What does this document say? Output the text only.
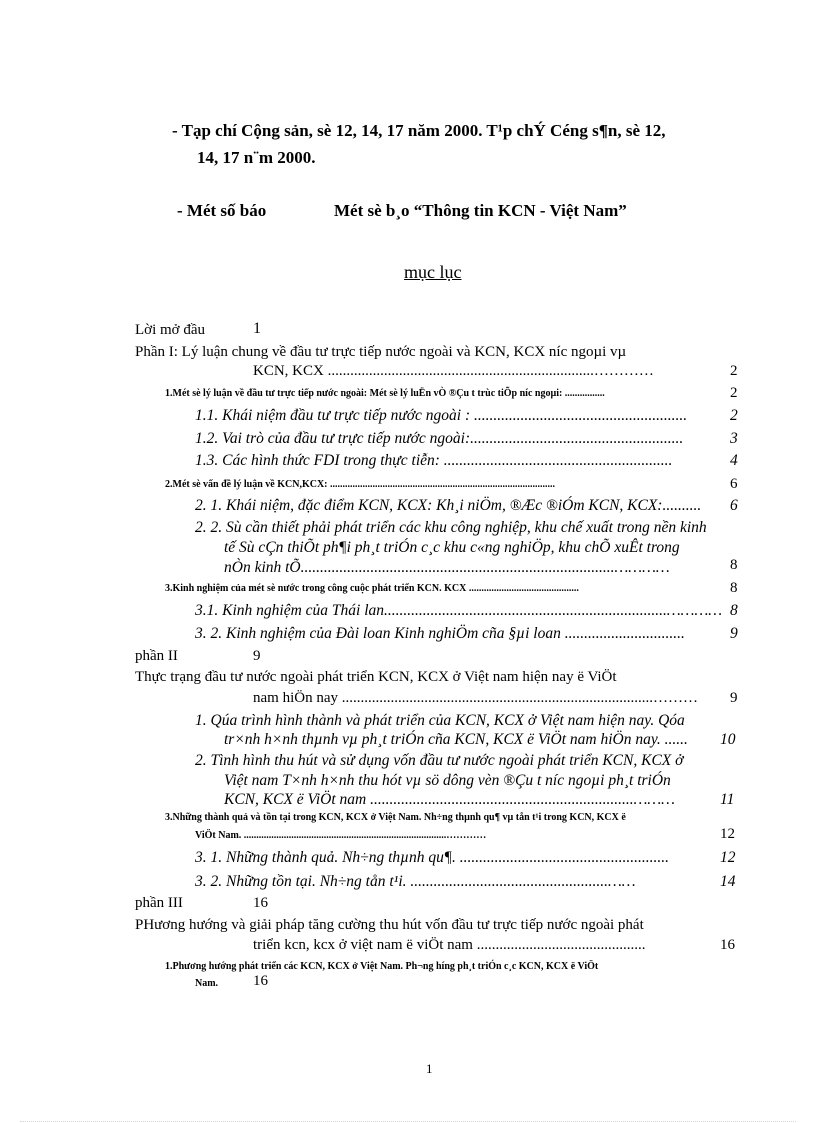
- Tạp chí Cộng sản, sè 12, 14, 17 năm 2000. T¹p chÝ Céng s¶n, sè 12,
14, 17 n¨m 2000.
- Mét số báo	Mét sè b¸o “Thông tin KCN - Việt Nam”
mục lục
Lời mở đầu	1
Phần I: Lý luận chung về đầu tư trực tiếp nước ngoài và KCN, KCX níc ngoµi vµ
KCN, KCX .......................................................................…………	2
1.Mét sè lý luận về đầu tư trực tiếp nước ngoài: Mét sè lý luËn vÒ ®Çu t trùc tiÕp níc ngoµi: ................	2
1.1. Khái niệm đầu tư trực tiếp nước ngoài : .......................................................	2
1.2. Vai trò của đầu tư trực tiếp nước ngoài:.......................................................	3
1.3. Các hình thức FDI trong thực tiễn: ...........................................................	4
2.Mét sè vấn đề lý luận về KCN,KCX: ..........................................................................................	6
2. 1. Khái niệm, đặc điểm KCN, KCX: Kh¸i niÖm, ®Æc ®iÓm KCN, KCX:.......... 6
2. 2. Sù cần thiết phải phát triển các khu công nghiệp, khu chế xuất trong nền kinh
tế Sù cÇn thiÕt ph¶i ph¸t triÓn c¸c khu c«ng nghiÖp, khu chÕ xuÊt trong
nÒn kinh tÕ.................................................................................…………	8
3.Kinh nghiệm của mét sè nước trong công cuộc phát triển KCN. KCX ............................................	8
3.1. Kinh nghiệm của Thái lan.........................................................................………… 8
3. 2. Kinh nghiệm của Đài loan Kinh nghiÖm cña §µi loan ...............................	9
phần II	9
Thực trạng đầu tư nước ngoài phát triển KCN, KCX ở Việt nam hiện nay ë ViÖt
nam hiÖn nay ...................................................................................……… 9
1. Qúa trình hình thành và phát triển của KCN, KCX ở Việt nam hiện nay. Qóa
tr×nh h×nh thµnh vµ ph¸t triÓn cña KCN, KCX ë ViÖt nam hiÖn nay. ...... 10
2. Tình hình thu hút và sử dụng vốn đầu tư nước ngoài phát triển KCN, KCX ở
Việt nam T×nh h×nh thu hót vµ sö dông vèn ®Çu t níc ngoµi ph¸t triÓn
KCN, KCX ë ViÖt nam ....................................................................………	11
3.Những thành quả và tồn tại trong KCN, KCX ở Việt Nam. Nh÷ng thµnh qu¶ vµ tån t¹i trong KCN, KCX ë
ViÖt Nam. .................................................................................…………	12
3. 1. Những thành quả. Nh÷ng thµnh qu¶. ......................................................	12
3. 2. Những tồn tại. Nh÷ng tån t¹i. ...................................................……	14
phần III	16
PHương hướng và giải pháp tăng cường thu hút vốn đầu tư trực tiếp nước ngoài phát
triển kcn, kcx ở việt nam ë viÖt nam .............................................	16
1.Phương hướng phát triển các KCN, KCX ở Việt Nam. Ph¬ng híng ph¸t triÓn c¸c KCN, KCX ë ViÖt
Nam. 16
1
